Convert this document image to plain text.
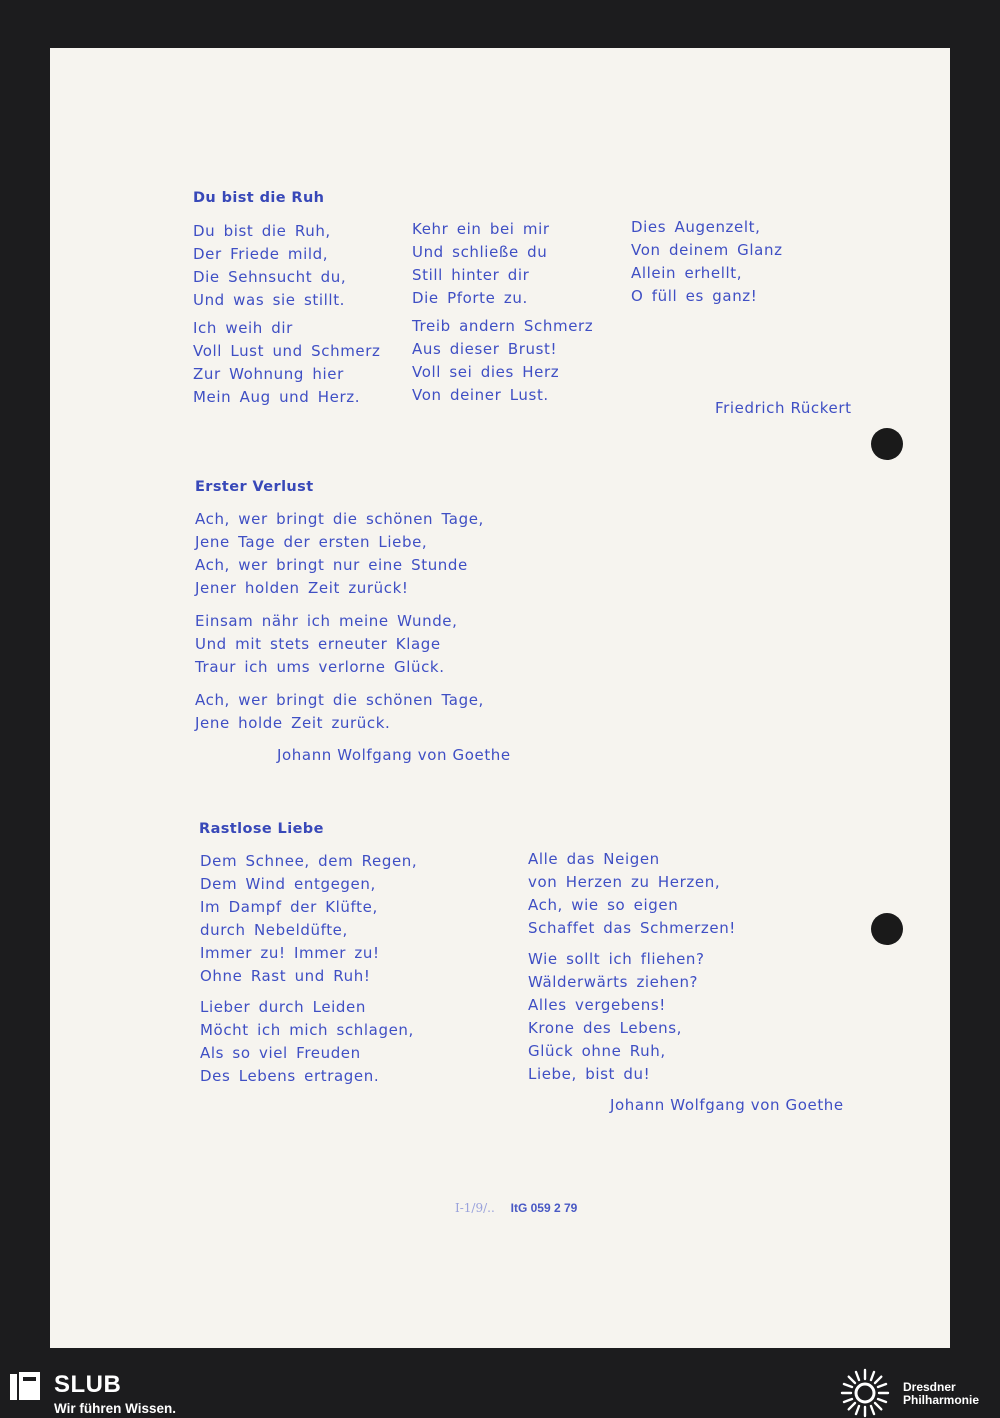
Du bist die Ruh
Du bist die Ruh,
Der Friede mild,
Die Sehnsucht du,
Und was sie stillt.
Ich weih dir
Voll Lust und Schmerz
Zur Wohnung hier
Mein Aug und Herz.
Kehr ein bei mir
Und schließe du
Still hinter dir
Die Pforte zu.
Treib andern Schmerz
Aus dieser Brust!
Voll sei dies Herz
Von deiner Lust.
Dies Augenzelt,
Von deinem Glanz
Allein erhellt,
O füll es ganz!
Friedrich Rückert
Erster Verlust
Ach, wer bringt die schönen Tage,
Jene Tage der ersten Liebe,
Ach, wer bringt nur eine Stunde
Jener holden Zeit zurück!
Einsam nähr ich meine Wunde,
Und mit stets erneuter Klage
Traur ich ums verlorne Glück.
Ach, wer bringt die schönen Tage,
Jene holde Zeit zurück.
Johann Wolfgang von Goethe
Rastlose Liebe
Dem Schnee, dem Regen,
Dem Wind entgegen,
Im Dampf der Klüfte,
durch Nebeldüfte,
Immer zu! Immer zu!
Ohne Rast und Ruh!
Lieber durch Leiden
Möcht ich mich schlagen,
Als so viel Freuden
Des Lebens ertragen.
Alle das Neigen
von Herzen zu Herzen,
Ach, wie so eigen
Schaffet das Schmerzen!
Wie sollt ich fliehen?
Wälderwärts ziehen?
Alles vergebens!
Krone des Lebens,
Glück ohne Ruh,
Liebe, bist du!
Johann Wolfgang von Goethe
I-1/9/.. ItG 059 2 79
SLUB
Wir führen Wissen.
Dresdner
Philharmonie
